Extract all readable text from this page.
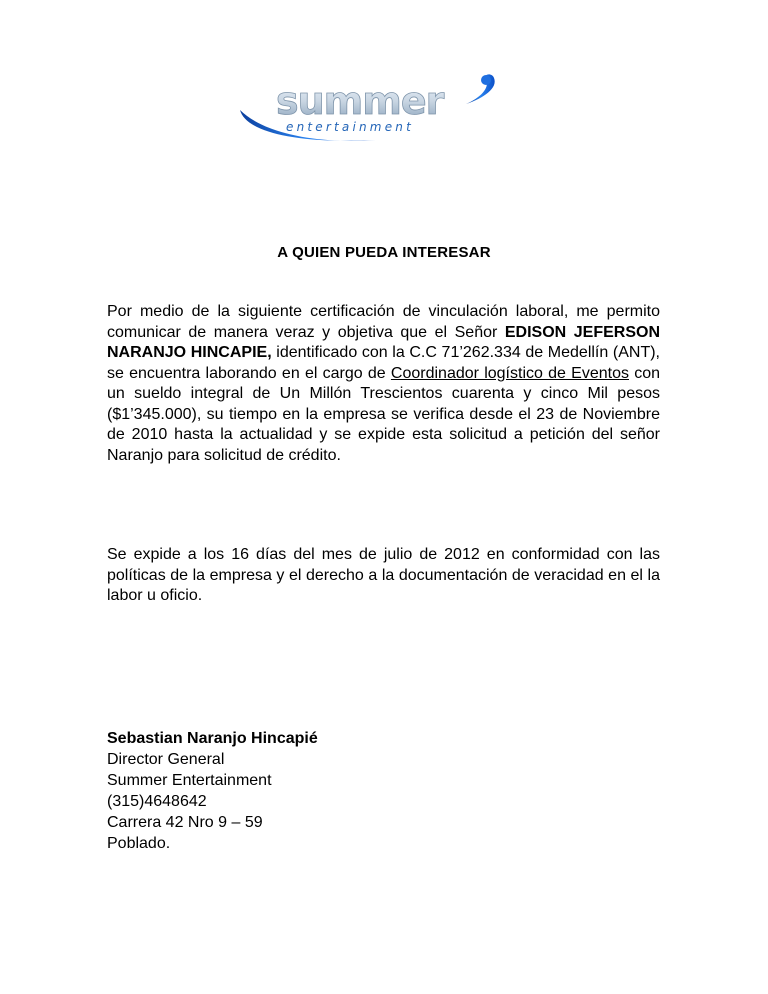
summer
entertainment
A QUIEN PUEDA INTERESAR

Por medio de la siguiente certificación de vinculación laboral, me permito comunicar de manera veraz y objetiva que el Señor EDISON JEFERSON NARANJO HINCAPIE, identificado con la C.C 71’262.334 de Medellín (ANT), se encuentra laborando en el cargo de Coordinador logístico de Eventos con un sueldo integral de Un Millón Trescientos cuarenta y cinco Mil pesos ($1’345.000), su tiempo en la empresa se verifica desde el 23 de Noviembre de 2010 hasta la actualidad y se expide esta solicitud a petición del señor Naranjo para solicitud de crédito.

Se expide a los 16 días del mes de julio de 2012 en conformidad con las políticas de la empresa y el derecho a la documentación de veracidad en el la labor u oficio.

Sebastian Naranjo Hincapié
Director General
Summer Entertainment
(315)4648642
Carrera 42 Nro 9 – 59
Poblado.
